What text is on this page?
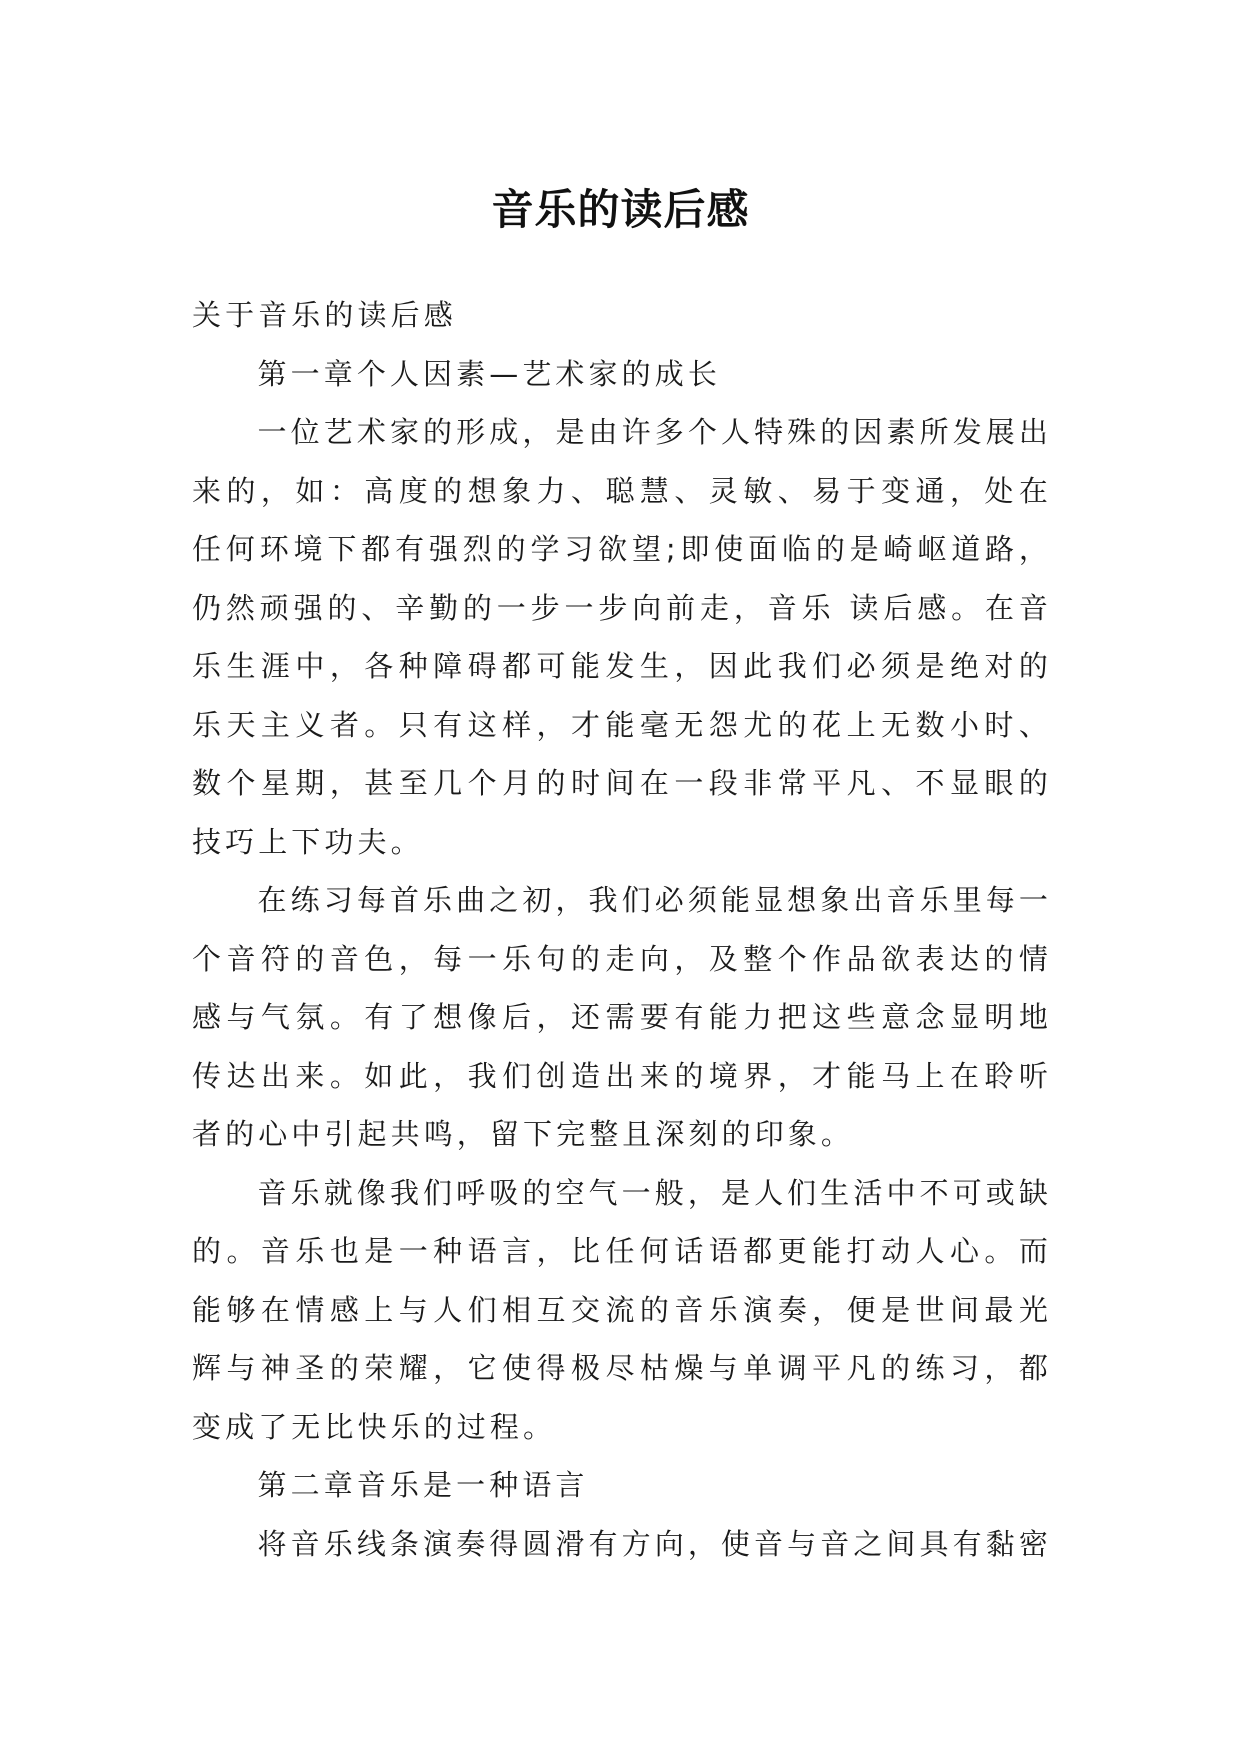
音乐的读后感

关于音乐的读后感

第一章个人因素—艺术家的成长

一位艺术家的形成，是由许多个人特殊的因素所发展出来的，如：高度的想象力、聪慧、灵敏、易于变通，处在任何环境下都有强烈的学习欲望;即使面临的是崎岖道路，仍然顽强的、辛勤的一步一步向前走，音乐 读后感。在音乐生涯中，各种障碍都可能发生，因此我们必须是绝对的乐天主义者。只有这样，才能毫无怨尤的花上无数小时、数个星期，甚至几个月的时间在一段非常平凡、不显眼的技巧上下功夫。

在练习每首乐曲之初，我们必须能显想象出音乐里每一个音符的音色，每一乐句的走向，及整个作品欲表达的情感与气氛。有了想像后，还需要有能力把这些意念显明地传达出来。如此，我们创造出来的境界，才能马上在聆听者的心中引起共鸣，留下完整且深刻的印象。

音乐就像我们呼吸的空气一般，是人们生活中不可或缺的。音乐也是一种语言，比任何话语都更能打动人心。而能够在情感上与人们相互交流的音乐演奏，便是世间最光辉与神圣的荣耀，它使得极尽枯燥与单调平凡的练习，都变成了无比快乐的过程。

第二章音乐是一种语言

将音乐线条演奏得圆滑有方向，使音与音之间具有黏密
